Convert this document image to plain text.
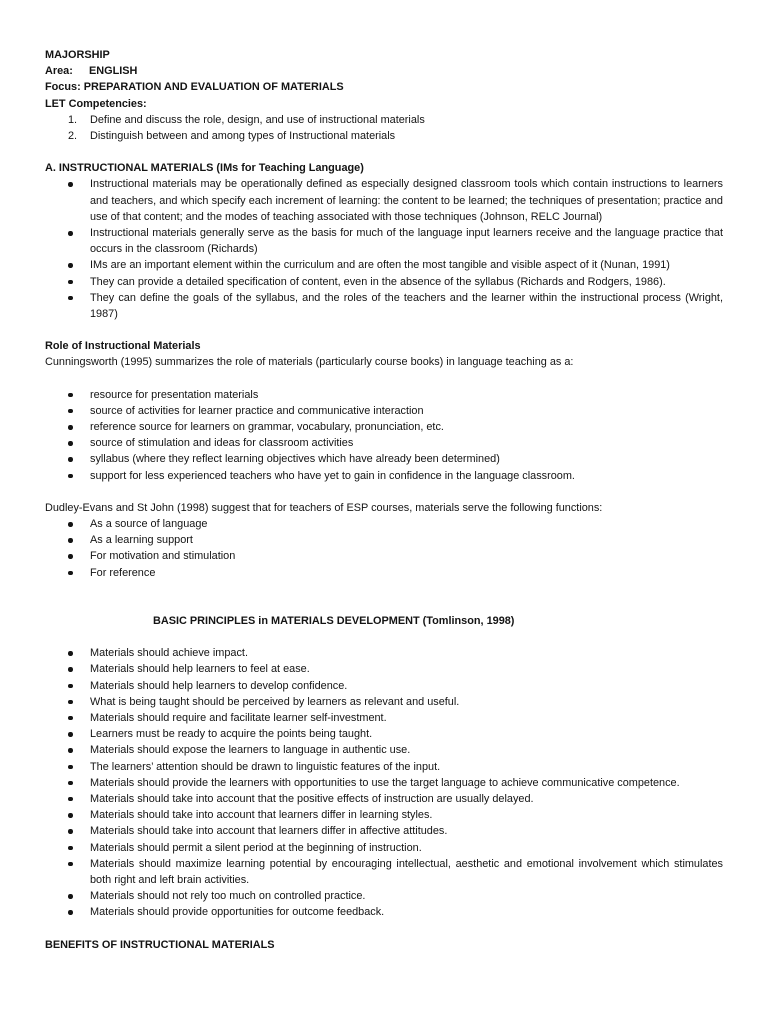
MAJORSHIP
Area: ENGLISH
Focus: PREPARATION AND EVALUATION OF MATERIALS
LET Competencies:
1. Define and discuss the role, design, and use of instructional materials
2. Distinguish between and among types of Instructional materials
A. INSTRUCTIONAL MATERIALS (IMs for Teaching Language)
Instructional materials may be operationally defined as especially designed classroom tools which contain instructions to learners and teachers, and which specify each increment of learning: the content to be learned; the techniques of presentation; practice and use of that content; and the modes of teaching associated with those techniques (Johnson, RELC Journal)
Instructional materials generally serve as the basis for much of the language input learners receive and the language practice that occurs in the classroom (Richards)
IMs are an important element within the curriculum and are often the most tangible and visible aspect of it (Nunan, 1991)
They can provide a detailed specification of content, even in the absence of the syllabus (Richards and Rodgers, 1986).
They can define the goals of the syllabus, and the roles of the teachers and the learner within the instructional process (Wright, 1987)
Role of Instructional Materials
Cunningsworth (1995) summarizes the role of materials (particularly course books) in language teaching as a:
resource for presentation materials
source of activities for learner practice and communicative interaction
reference source for learners on grammar, vocabulary, pronunciation, etc.
source of stimulation and ideas for classroom activities
syllabus (where they reflect learning objectives which have already been determined)
support for less experienced teachers who have yet to gain in confidence in the language classroom.
Dudley-Evans and St John (1998) suggest that for teachers of ESP courses, materials serve the following functions:
As a source of language
As a learning support
For motivation and stimulation
For reference
BASIC PRINCIPLES in MATERIALS DEVELOPMENT (Tomlinson, 1998)
Materials should achieve impact.
Materials should help learners to feel at ease.
Materials should help learners to develop confidence.
What is being taught should be perceived by learners as relevant and useful.
Materials should require and facilitate learner self-investment.
Learners must be ready to acquire the points being taught.
Materials should expose the learners to language in authentic use.
The learners’ attention should be drawn to linguistic features of the input.
Materials should provide the learners with opportunities to use the target language to achieve communicative competence.
Materials should take into account that the positive effects of instruction are usually delayed.
Materials should take into account that learners differ in learning styles.
Materials should take into account that learners differ in affective attitudes.
Materials should permit a silent period at the beginning of instruction.
Materials should maximize learning potential by encouraging intellectual, aesthetic and emotional involvement which stimulates both right and left brain activities.
Materials should not rely too much on controlled practice.
Materials should provide opportunities for outcome feedback.
BENEFITS OF INSTRUCTIONAL MATERIALS
